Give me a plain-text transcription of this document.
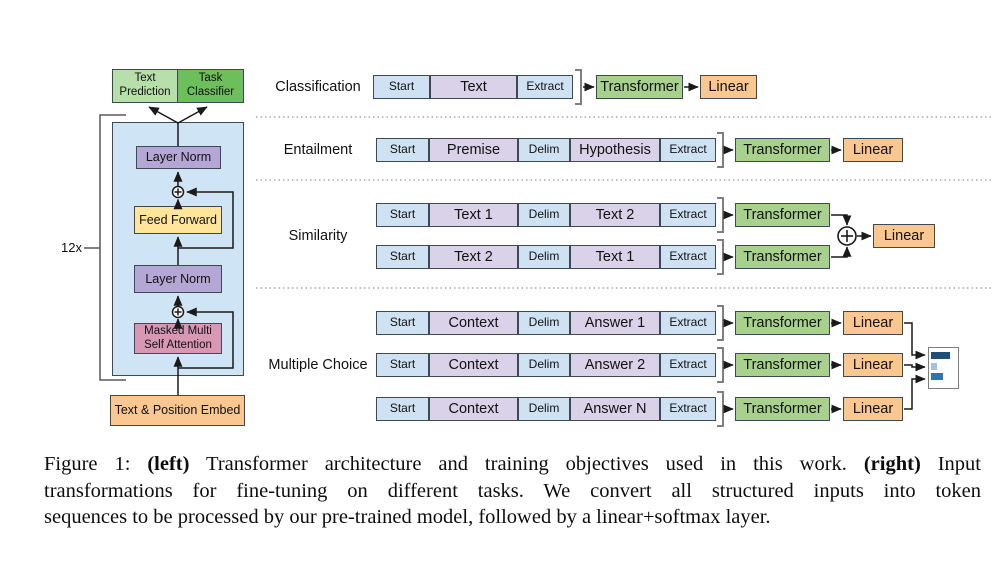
Text Prediction
Task Classifier
Layer Norm
Feed Forward
Layer Norm
Masked Multi
Self Attention
Text & Position Embed
12x
Classification	Start	Text	Extract	Transformer	Linear
Entailment	Start	Premise	Delim	Hypothesis	Extract	Transformer	Linear
Similarity
Start	Text 1	Delim	Text 2	Extract	Transformer
Start	Text 2	Delim	Text 1	Extract	Transformer
Linear
Multiple Choice
Start	Context	Delim	Answer 1	Extract	Transformer	Linear
Start	Context	Delim	Answer 2	Extract	Transformer	Linear
Start	Context	Delim	Answer N	Extract	Transformer	Linear
Figure 1: (left) Transformer architecture and training objectives used in this work. (right) Input
transformations for fine-tuning on different tasks. We convert all structured inputs into token
sequences to be processed by our pre-trained model, followed by a linear+softmax layer.
